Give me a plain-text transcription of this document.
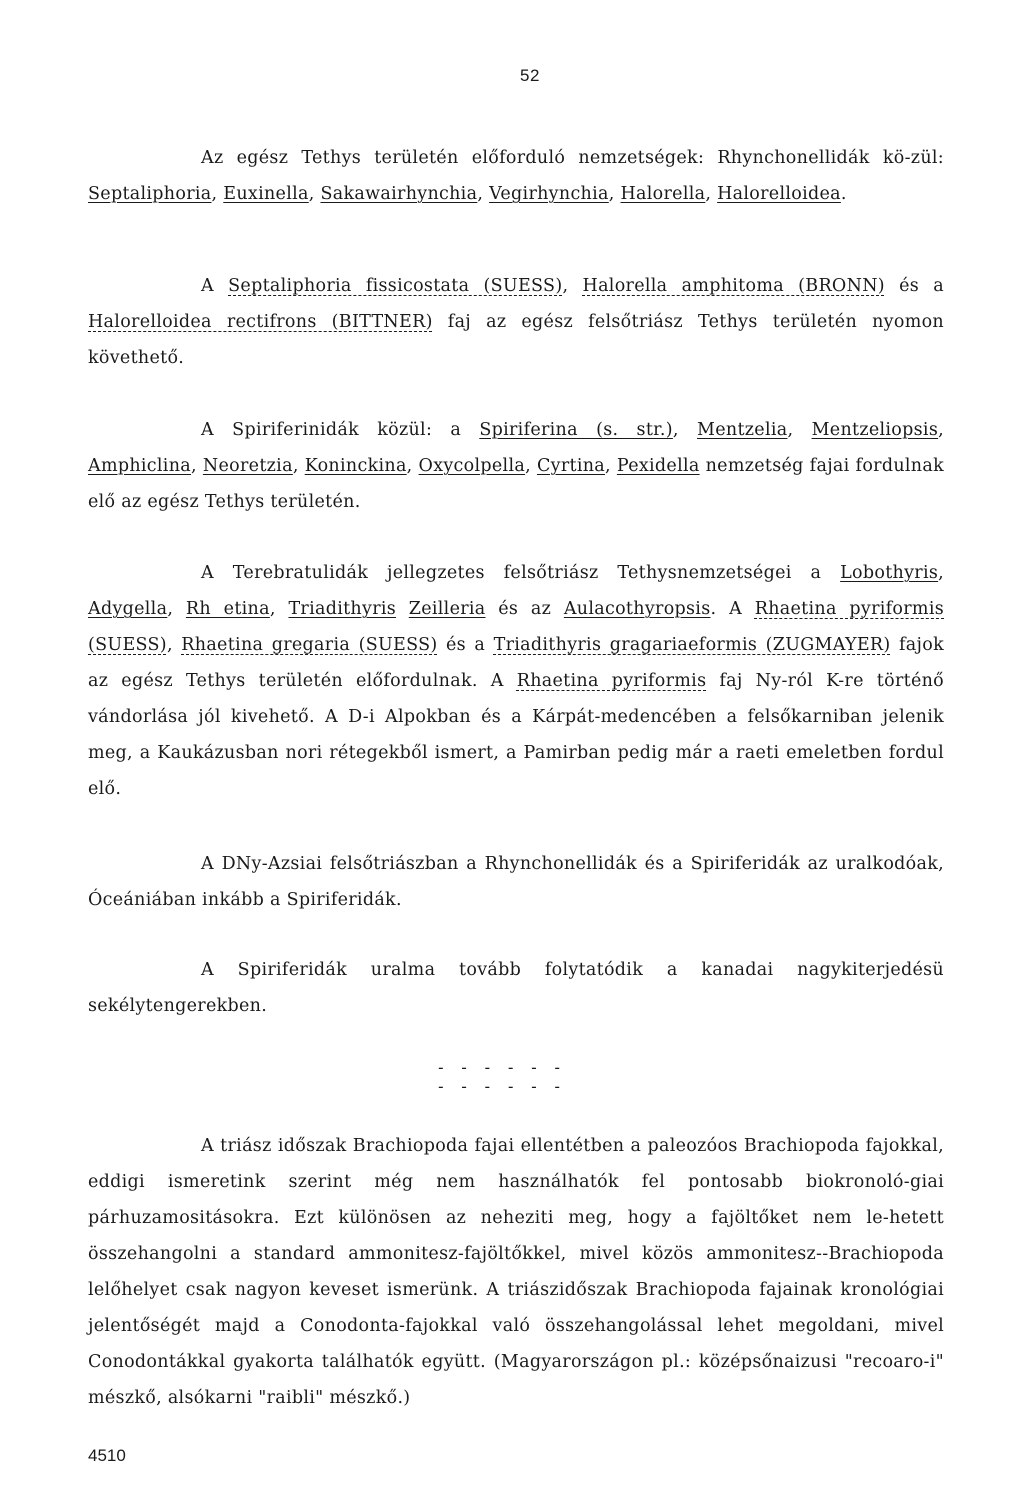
52

Az egész Tethys területén előforduló nemzetségek: Rhynchonellidák kö-zül: Septaliphoria, Euxinella, Sakawairhynchia, Vegirhynchia, Halorella, Halorelloidea.

A Septaliphoria fissicostata (SUESS), Halorella amphitoma (BRONN) és a Halorelloidea rectifrons (BITTNER) faj az egész felsőtriász Tethys területén nyomon követhető.

A Spiriferinidák közül: a Spiriferina (s. str.), Mentzelia, Mentzeliopsis, Amphiclina, Neoretzia, Koninckina, Oxycolpella, Cyrtina, Pexidella nemzetség fajai fordulnak elő az egész Tethys területén.

A Terebratulidák jellegzetes felsőtriász Tethysnemzetségei a Lobothyris, Adygella, Rh etina, Triadithyris Zeilleria és az Aulacothyropsis. A Rhaetina pyriformis (SUESS), Rhaetina gregaria (SUESS) és a Triadithyris gragariaeformis (ZUGMAYER) fajok az egész Tethys területén előfordulnak. A Rhaetina pyriformis faj Ny-ról K-re történő vándorlása jól kivehető. A D-i Alpokban és a Kárpát-medencében a felsőkarniban jelenik meg, a Kaukázusban nori rétegekből ismert, a Pamirban pedig már a raeti emeletben fordul elő.

A DNy-Azsiai felsőtriászban a Rhynchonellidák és a Spiriferidák az uralkodóak, Óceániában inkább a Spiriferidák.

A Spiriferidák uralma tovább folytatódik a kanadai nagykiterjedésü sekélytengerekben.

- - - - - - - - - - - -

A triász időszak Brachiopoda fajai ellentétben a paleozóos Brachiopoda fajokkal, eddigi ismeretink szerint még nem használhatók fel pontosabb biokronoló-giai párhuzamositásokra. Ezt különösen az neheziti meg, hogy a fajöltőket nem le-hetett összehangolni a standard ammonitesz-fajöltőkkel, mivel közös ammonitesz--Brachiopoda lelőhelyet csak nagyon keveset ismerünk. A triászidőszak Brachiopoda fajainak kronológiai jelentőségét majd a Conodonta-fajokkal való összehangolással lehet megoldani, mivel Conodontákkal gyakorta találhatók együtt. (Magyarországon pl.: középsőnaizusi "recoaro-i" mészkő, alsókarni "raibli" mészkő.)

4510
